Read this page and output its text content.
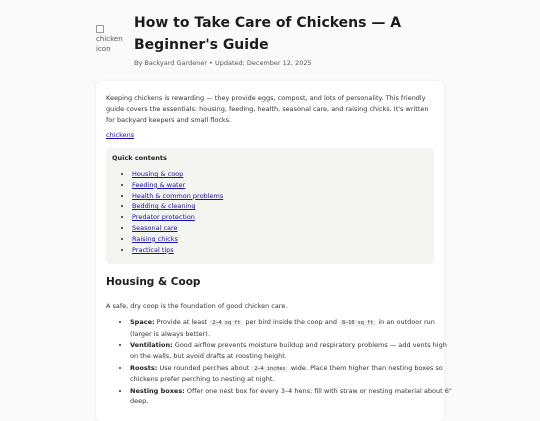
chicken icon
How to Take Care of Chickens — A Beginner's Guide
By Backyard Gardener • Updated: December 12, 2025

Keeping chickens is rewarding — they provide eggs, compost, and lots of personality. This friendly guide covers the essentials: housing, feeding, health, seasonal care, and raising chicks. It's written for backyard keepers and small flocks.

chickens
Quick contents
• Housing & coop
• Feeding & water
• Health & common problems
• Bedding & cleaning
• Predator protection
• Seasonal care
• Raising chicks
• Practical tips
Housing & Coop
A safe, dry coop is the foundation of good chicken care.
• Space: Provide at least 2–4 sq ft per bird inside the coop and 8–10 sq ft in an outdoor run (larger is always better).
• Ventilation: Good airflow prevents moisture buildup and respiratory problems — add vents high on the walls, but avoid drafts at roosting height.
• Roosts: Use rounded perches about 2–4 inches wide. Place them higher than nesting boxes so chickens prefer perching to nesting at night.
• Nesting boxes: Offer one nest box for every 3–4 hens; fill with straw or nesting material about 6" deep.
